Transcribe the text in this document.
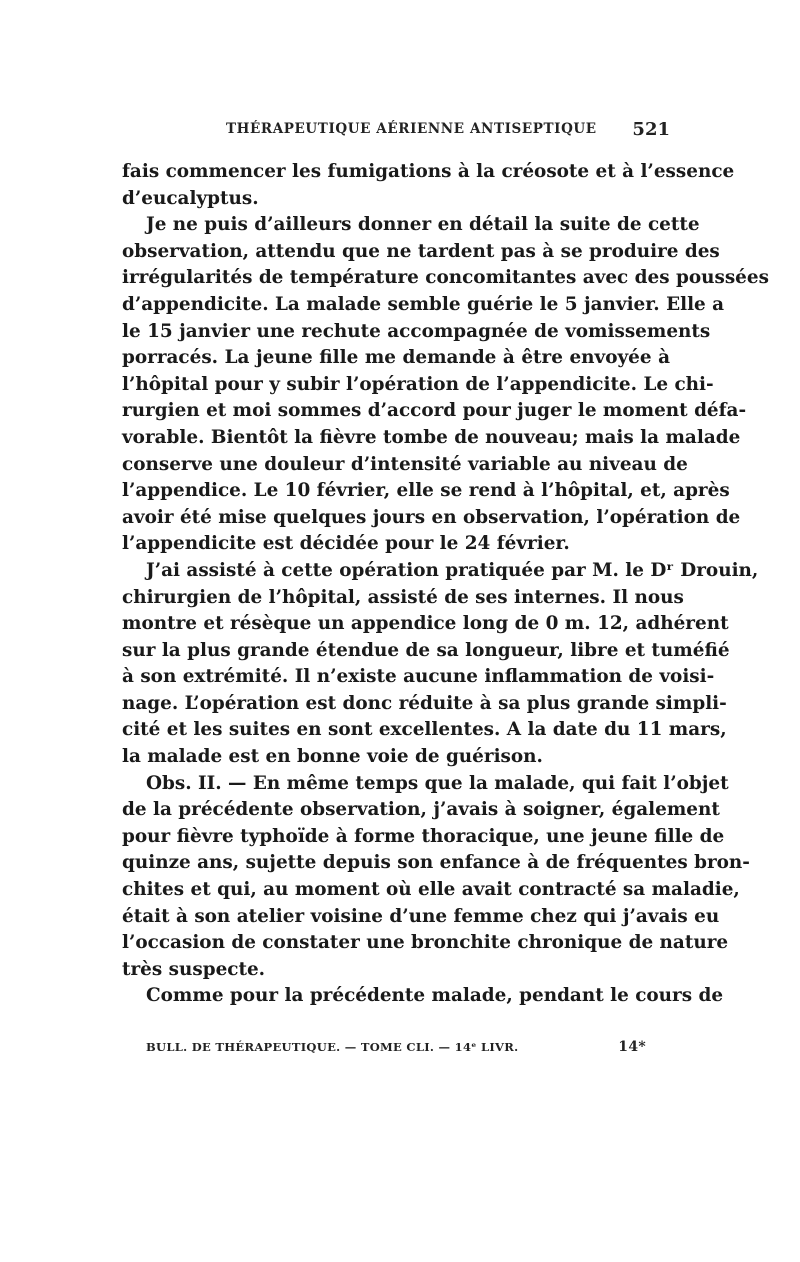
THÉRAPEUTIQUE AÉRIENNE ANTISEPTIQUE 521
fais commencer les fumigations à la créosote et à l’essence
d’eucalyptus.
Je ne puis d’ailleurs donner en détail la suite de cette
observation, attendu que ne tardent pas à se produire des
irrégularités de température concomitantes avec des poussées
d’appendicite. La malade semble guérie le 5 janvier. Elle a
le 15 janvier une rechute accompagnée de vomissements
porracés. La jeune fille me demande à être envoyée à
l’hôpital pour y subir l’opération de l’appendicite. Le chi-
rurgien et moi sommes d’accord pour juger le moment défa-
vorable. Bientôt la fièvre tombe de nouveau; mais la malade
conserve une douleur d’intensité variable au niveau de
l’appendice. Le 10 février, elle se rend à l’hôpital, et, après
avoir été mise quelques jours en observation, l’opération de
l’appendicite est décidée pour le 24 février.
J’ai assisté à cette opération pratiquée par M. le Dʳ Drouin,
chirurgien de l’hôpital, assisté de ses internes. Il nous
montre et résèque un appendice long de 0 m. 12, adhérent
sur la plus grande étendue de sa longueur, libre et tuméfié
à son extrémité. Il n’existe aucune inflammation de voisi-
nage. L’opération est donc réduite à sa plus grande simpli-
cité et les suites en sont excellentes. A la date du 11 mars,
la malade est en bonne voie de guérison.
Obs. II. — En même temps que la malade, qui fait l’objet
de la précédente observation, j’avais à soigner, également
pour fièvre typhoïde à forme thoracique, une jeune fille de
quinze ans, sujette depuis son enfance à de fréquentes bron-
chites et qui, au moment où elle avait contracté sa maladie,
était à son atelier voisine d’une femme chez qui j’avais eu
l’occasion de constater une bronchite chronique de nature
très suspecte.
Comme pour la précédente malade, pendant le cours de
BULL. DE THÉRAPEUTIQUE. — TOME CLI. — 14ᵉ LIVR.	14*
